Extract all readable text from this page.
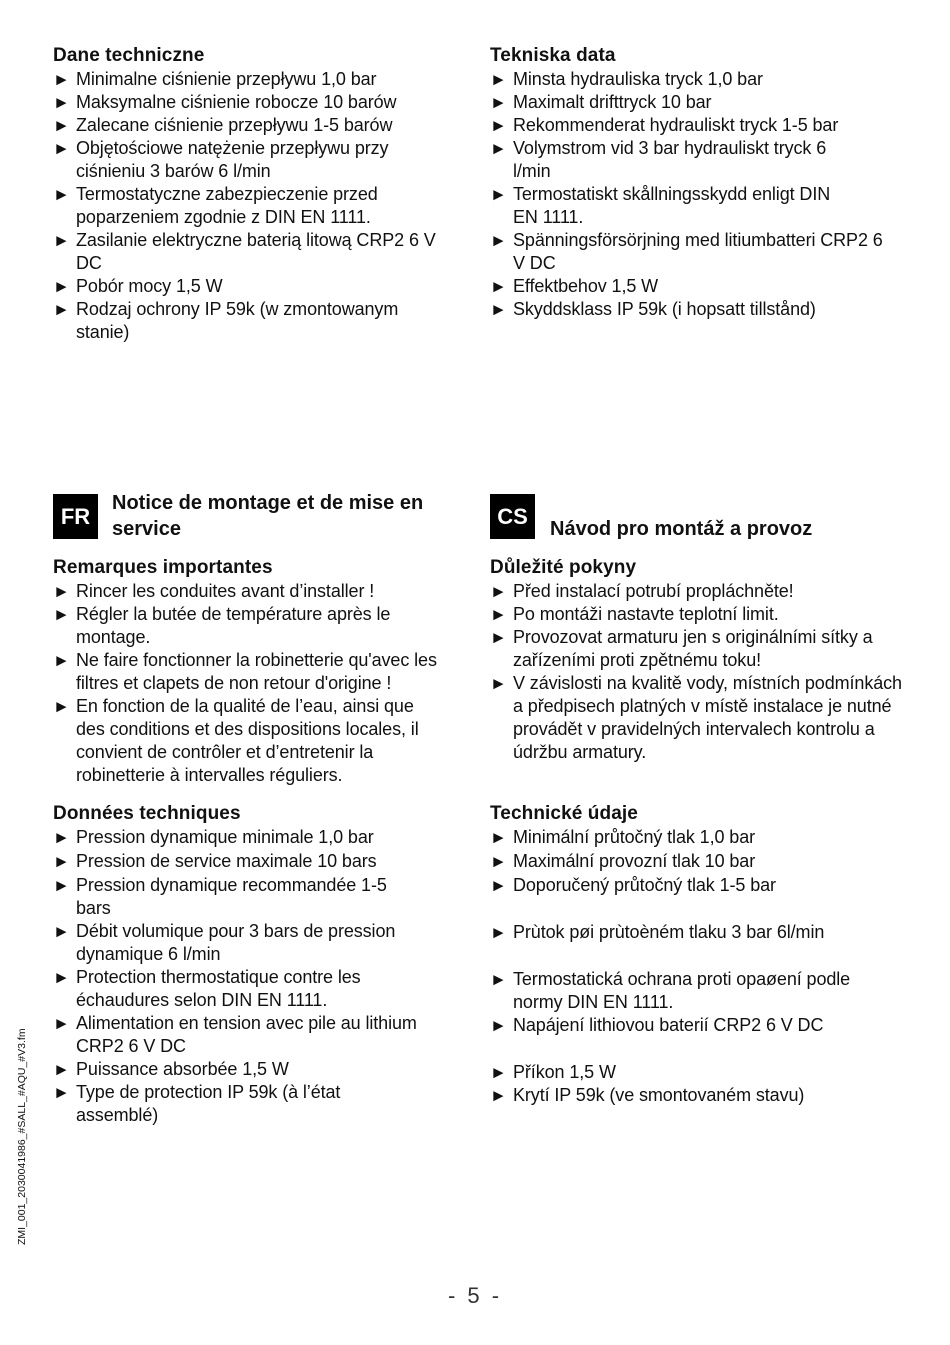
Dane techniczne
► Minimalne ciśnienie przepływu 1,0 bar
► Maksymalne ciśnienie robocze 10 barów
► Zalecane ciśnienie przepływu 1-5 barów
► Objętościowe natężenie przepływu przy ciśnieniu 3 barów 6 l/min
► Termostatyczne zabezpieczenie przed poparzeniem zgodnie z DIN EN 1111.
► Zasilanie elektryczne baterią litową CRP2 6 V DC
► Pobór mocy 1,5 W
► Rodzaj ochrony IP 59k (w zmontowanym stanie)
Tekniska data
► Minsta hydrauliska tryck 1,0 bar
► Maximalt drifttryck 10 bar
► Rekommenderat hydrauliskt tryck 1-5 bar
► Volymstrom vid 3 bar hydrauliskt tryck 6 l/min
► Termostatiskt skållningsskydd enligt DIN EN 1111.
► Spänningsförsörjning med litiumbatteri CRP2 6 V DC
► Effektbehov 1,5 W
► Skyddsklass IP 59k (i hopsatt tillstånd)
FR
Notice de montage et de mise en service
CS
Návod pro montáž a provoz
Remarques importantes
► Rincer les conduites avant d’installer !
► Régler la butée de température après le montage.
► Ne faire fonctionner la robinetterie qu'avec les filtres et clapets de non retour d'origine !
► En fonction de la qualité de l’eau, ainsi que des conditions et des dispositions locales, il convient de contrôler et d’entretenir la robinetterie à intervalles réguliers.
Données techniques
► Pression dynamique minimale 1,0 bar
► Pression de service maximale 10 bars
► Pression dynamique recommandée 1-5 bars
► Débit volumique pour 3 bars de pression dynamique 6 l/min
► Protection thermostatique contre les échaudures selon DIN EN 1111.
► Alimentation en tension avec pile au lithium CRP2 6 V DC
► Puissance absorbée 1,5 W
► Type de protection IP 59k (à l’état assemblé)
Důležité pokyny
► Před instalací potrubí propláchněte!
► Po montáži nastavte teplotní limit.
► Provozovat armaturu jen s originálními sítky a zařízeními proti zpětnému toku!
► V závislosti na kvalitě vody, místních podmínkách a předpisech platných v místě instalace je nutné provádět v pravidelných intervalech kontrolu a údržbu armatury.
Technické údaje
► Minimální průtočný tlak 1,0 bar
► Maximální provozní tlak 10 bar
► Doporučený průtočný tlak 1-5 bar
► Prùtok pøi prùtoèném tlaku 3 bar 6l/min
► Termostatická ochrana proti opaøení podle normy DIN EN 1111.
► Napájení lithiovou baterií CRP2 6 V DC
► Příkon 1,5 W
► Krytí IP 59k (ve smontovaném stavu)
ZMI_001_2030041986_#SALL_#AQU_#V3.fm
- 5 -
